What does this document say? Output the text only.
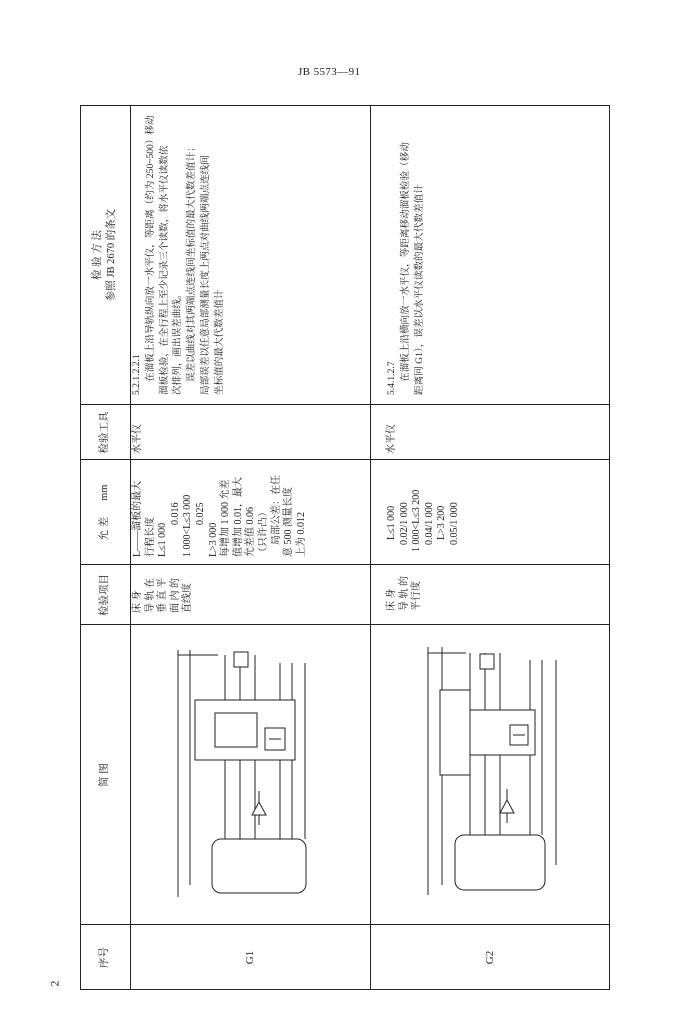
JB 5573—91
2
序号
简 图
检验项目
允 差mm
检验工具
检 验 方 法 参照 JB 2670 的条文
G1
床 身 导 轨 在 垂 直 平 面 内 的 直线度
L——溜板的最大 行程长度 L≤1 000
0.016 1 000<L≤3 000 0.025
L>3 000 每增加 1 000 允差 值增加 0.01，最大 允差值 0.06 （只许凸） 局部公差：在任 意 500 测量长度 上为 0.012
水平仪
5.2.1.2.2.1 在溜板上沿导轨纵向放一水平仪，等距离（约为 250~500）移动 溜板检验，在全行程上至少记录三个读数，将水平仪读数依 次排列，画出误差曲线。 误差以曲线对其两端点连线间坐标值的最大代数差值计； 局部误差以任意局部测量长度上两点对曲线两端点连线间 坐标值的最大代数差值计
G2
床 身 导 轨 的 平行度
L≤1 000 0.02/1 000 1 000<L≤3 200 0.04/1 000 L>3 200 0.05/1 000
水平仪
5.4.1.2.7 在溜板上沿横向放一水平仪，等距离移动溜板检验（移动 距离同 G1），误差以水平仪读数的最大代数差值计
